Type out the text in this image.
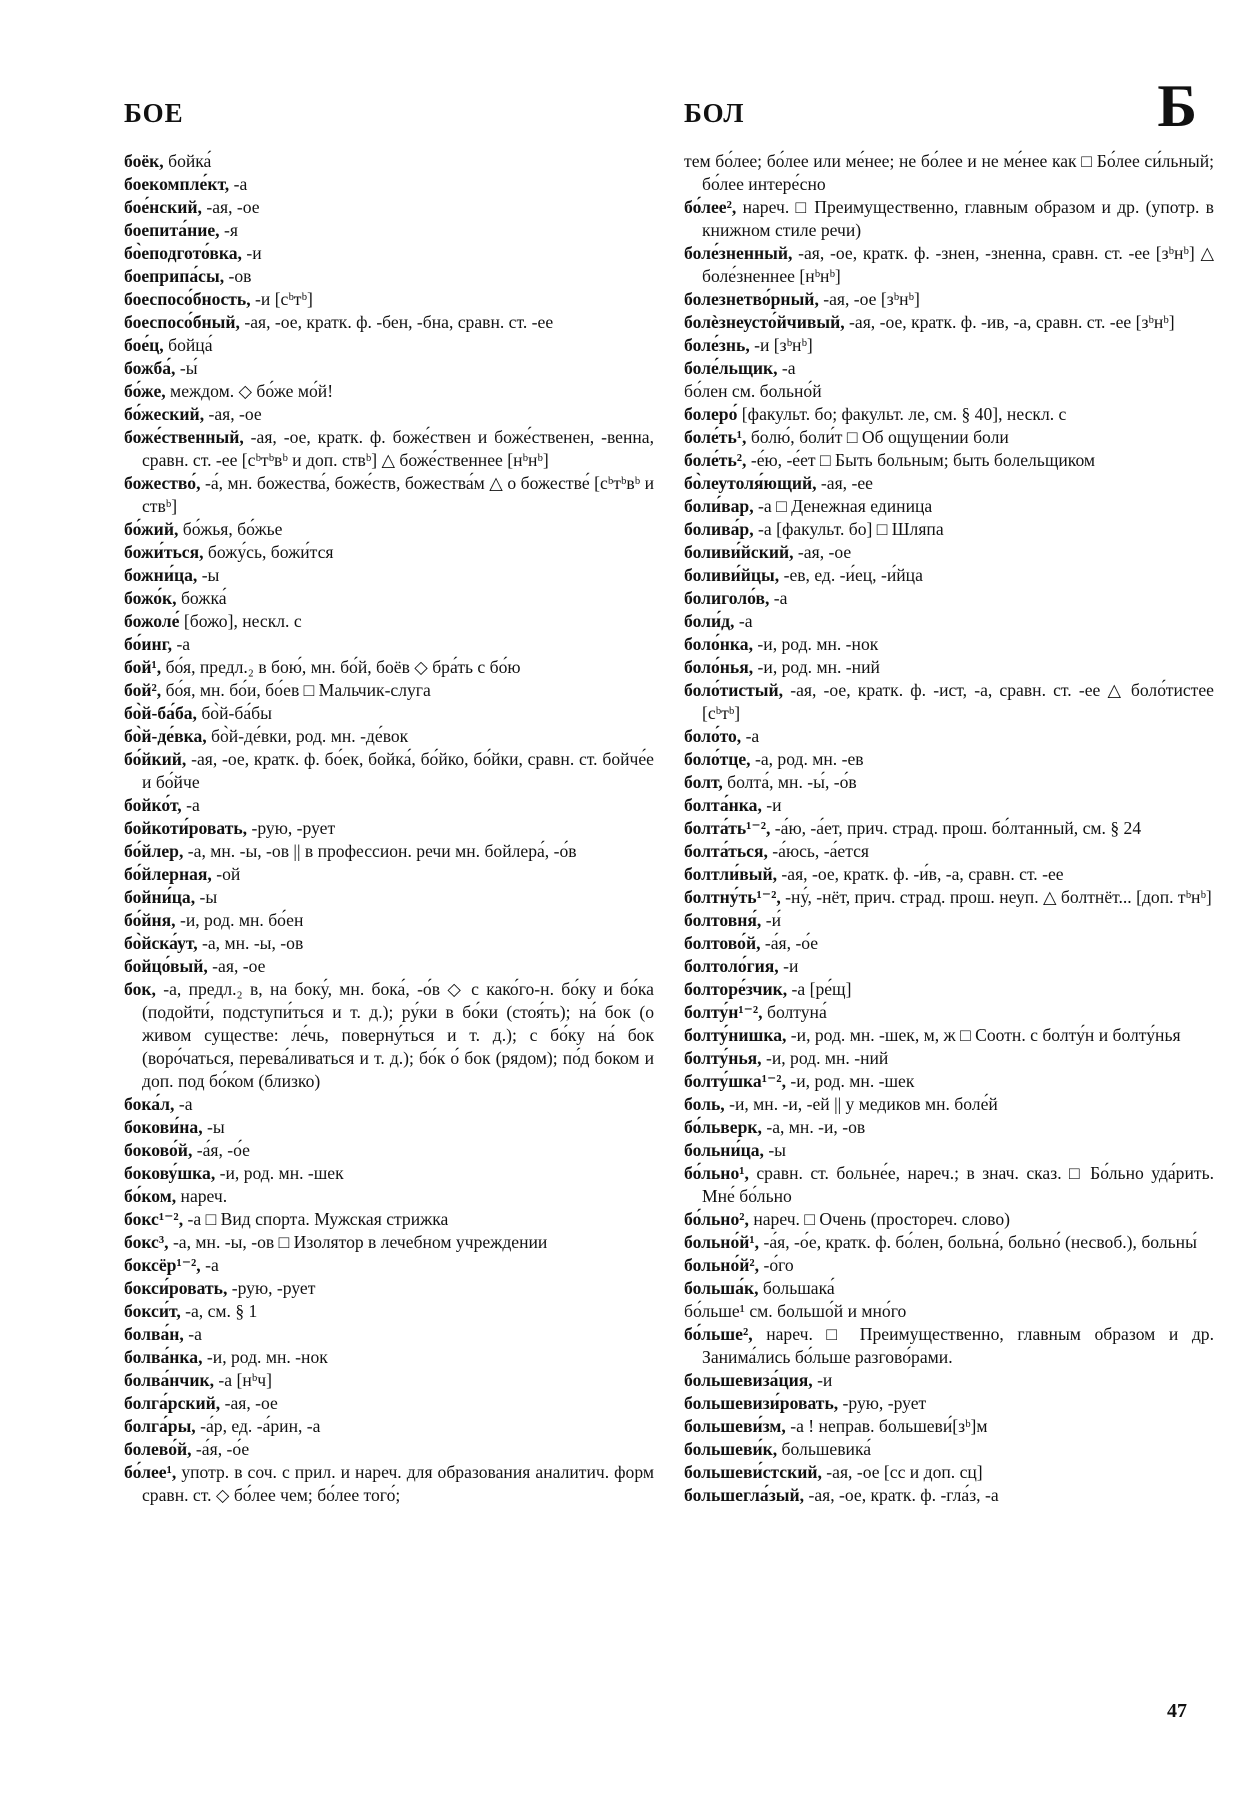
БОЕ	БОЛ	Б
боёк, бойка́
боекомпле́кт, -а
бое́нский, -ая, -ое
боепита́ние, -я
бо̀еподгото́вка, -и
боеприпа́сы, -ов
боеспосо́бность, -и [сᵇтᵇ]
боеспосо́бный, -ая, -ое, кратк. ф. -бен, -бна, сравн. ст. -ее
бое́ц, бойца́
божба́, -ы́
бо́же, междом. ◇ бо́же мо́й!
бо́жеский, -ая, -ое
боже́ственный, -ая, -ое, кратк. ф. боже́ствен и боже́ственен, -венна, сравн. ст. -ее [сᵇтᵇвᵇ и доп. ствᵇ] △ боже́ственнее [нᵇнᵇ]
божество́, -а́, мн. божества́, боже́ств, божества́м △ о божестве́ [сᵇтᵇвᵇ и ствᵇ]
бо́жий, бо́жья, бо́жье
божи́ться, божу́сь, божи́тся
божни́ца, -ы
божо́к, божка́
божоле́ [божо], нескл. с
бо́инг, -а
бой¹, бо́я, предл.₂ в бою́, мн. бо́й, боёв ◇ бра́ть с бо́ю
бой², бо́я, мн. бо́и, бо́ев □ Мальчик-слуга
бо̀й-ба́ба, бо̀й-ба́бы
бо̀й-де́вка, бо̀й-де́вки, род. мн. -де́вок
бо́йкий, -ая, -ое, кратк. ф. бо́ек, бойка́, бо́йко, бо́йки, сравн. ст. бойче́е и бо́йче
бойко́т, -а
бойкоти́ровать, -рую, -рует
бо́йлер, -а, мн. -ы, -ов || в профессион. речи мн. бойлера́, -о́в
бо́йлерная, -ой
бойни́ца, -ы
бо́йня, -и, род. мн. бо́ен
бо̀йска́ут, -а, мн. -ы, -ов
бойцо́вый, -ая, -ое
бок, -а, предл.₂ в, на боку́, мн. бока́, -о́в ◇ с како́го-н. бо́ку и бо́ка (подойти́, подступи́ться и т. д.); ру́ки в бо́ки (стоя́ть); на́ бок (о живом существе: ле́чь, поверну́ться и т. д.); с бо́ку на́ бок (воро́чаться, перева́ливаться и т. д.); бо́к о́ бок (рядом); по́д боком и доп. под бо́ком (близко)
бока́л, -а
бокови́на, -ы
боково́й, -а́я, -о́е
бокову́шка, -и, род. мн. -шек
бо́ком, нареч.
бокс¹⁻², -а □ Вид спорта. Мужская стрижка
бокс³, -а, мн. -ы, -ов □ Изолятор в лечебном учреждении
боксёр¹⁻², -а
бокси́ровать, -рую, -рует
бокси́т, -а, см. § 1
болва́н, -а
болва́нка, -и, род. мн. -нок
болва́нчик, -а [нᵇч]
болга́рский, -ая, -ое
болга́ры, -а́р, ед. -а́рин, -а
болево́й, -а́я, -о́е
бо́лее¹, употр. в соч. с прил. и нареч. для образования аналитич. форм сравн. ст. ◇ бо́лее чем; бо́лее того́;
тем бо́лее; бо́лее или ме́нее; не бо́лее и не ме́нее как □ Бо́лее си́льный; бо́лее интере́сно
бо́лее², нареч. □ Преимущественно, главным образом и др. (употр. в книжном стиле речи)
боле́зненный, -ая, -ое, кратк. ф. -знен, -зненна, сравн. ст. -ее [зᵇнᵇ] △ боле́зненнее [нᵇнᵇ]
болезнетво́рный, -ая, -ое [зᵇнᵇ]
болѐзнеусто́йчивый, -ая, -ое, кратк. ф. -ив, -а, сравн. ст. -ее [зᵇнᵇ]
боле́знь, -и [зᵇнᵇ]
боле́льщик, -а
бо́лен см. больно́й
болеро́ [факульт. бо; факульт. ле, см. § 40], нескл. с
боле́ть¹, болю́, боли́т □ Об ощущении боли
боле́ть², -е́ю, -е́ет □ Быть больным; быть болельщиком
бо̀леутоля́ющий, -ая, -ее
боли́вар, -а □ Денежная единица
болива́р, -а [факульт. бо] □ Шляпа
боливи́йский, -ая, -ое
боливи́йцы, -ев, ед. -и́ец, -и́йца
болиголо́в, -а
боли́д, -а
боло́нка, -и, род. мн. -нок
боло́нья, -и, род. мн. -ний
боло́тистый, -ая, -ое, кратк. ф. -ист, -а, сравн. ст. -ее △ боло́тистее [сᵇтᵇ]
боло́то, -а
боло́тце, -а, род. мн. -ев
болт, болта́, мн. -ы́, -о́в
болта́нка, -и
болта́ть¹⁻², -а́ю, -а́ет, прич. страд. прош. бо́лтанный, см. § 24
болта́ться, -а́юсь, -а́ется
болтли́вый, -ая, -ое, кратк. ф. -и́в, -а, сравн. ст. -ее
болтну́ть¹⁻², -ну́, -нёт, прич. страд. прош. неуп. △ болтнёт... [доп. тᵇнᵇ]
болтовня́, -и́
болтово́й, -а́я, -о́е
болтоло́гия, -и
болторе́зчик, -а [ре́щ]
болту́н¹⁻², болтуна́
болту́нишка, -и, род. мн. -шек, м, ж □ Соотн. с болту́н и болту́нья
болту́нья, -и, род. мн. -ний
болту́шка¹⁻², -и, род. мн. -шек
боль, -и, мн. -и, -ей || у медиков мн. боле́й
бо́льверк, -а, мн. -и, -ов
больни́ца, -ы
бо́льно¹, сравн. ст. больне́е, нареч.; в знач. сказ. □ Бо́льно уда́рить. Мне́ бо́льно
бо́льно², нареч. □ Очень (простореч. слово)
больно́й¹, -а́я, -о́е, кратк. ф. бо́лен, больна́, больно́ (несвоб.), больны́
больно́й², -о́го
больша́к, большака́
бо́льше¹ см. большо́й и мно́го
бо́льше², нареч. □ Преимущественно, главным образом и др. Занима́лись бо́льше разгово́рами.
большевиза́ция, -и
большевизи́ровать, -рую, -рует
большеви́зм, -а ! неправ. большеви́[зᵇ]м
большеви́к, большевика́
большеви́стский, -ая, -ое [сс и доп. сц]
большегла́зый, -ая, -ое, кратк. ф. -гла́з, -а
47
